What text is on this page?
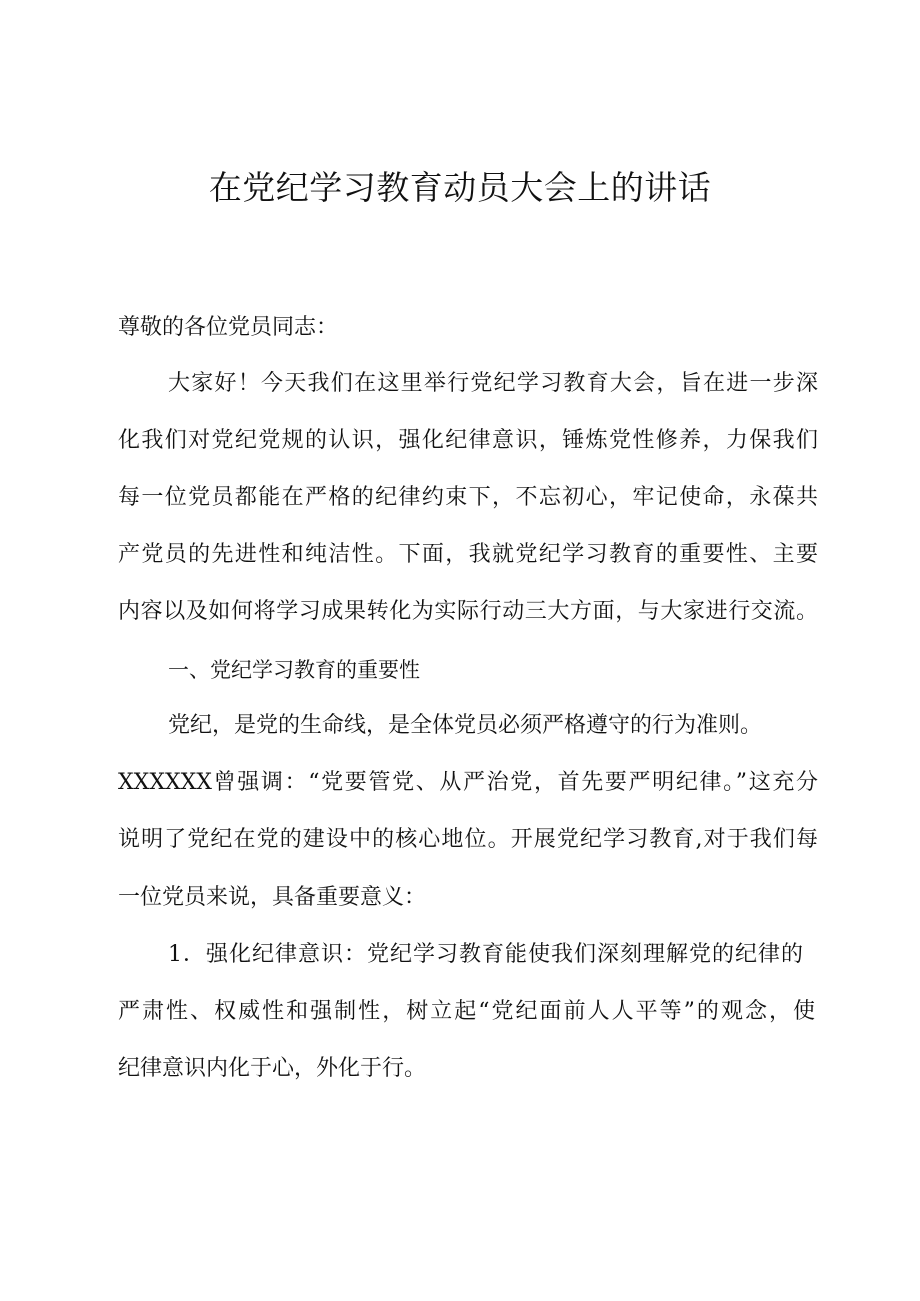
在党纪学习教育动员大会上的讲话

尊敬的各位党员同志：

大家好！今天我们在这里举行党纪学习教育大会，旨在进一步深

化我们对党纪党规的认识，强化纪律意识，锤炼党性修养，力保我们

每一位党员都能在严格的纪律约束下，不忘初心，牢记使命，永葆共

产党员的先进性和纯洁性。下面，我就党纪学习教育的重要性、主要

内容以及如何将学习成果转化为实际行动三大方面，与大家进行交流。

一、党纪学习教育的重要性

党纪，是党的生命线，是全体党员必须严格遵守的行为准则。

XXXXXX曾强调：“党要管党、从严治党，首先要严明纪律。”这充分

说明了党纪在党的建设中的核心地位。开展党纪学习教育,对于我们每

一位党员来说，具备重要意义：

1．强化纪律意识：党纪学习教育能使我们深刻理解党的纪律的

严肃性、权威性和强制性，树立起“党纪面前人人平等”的观念，使

纪律意识内化于心，外化于行。
